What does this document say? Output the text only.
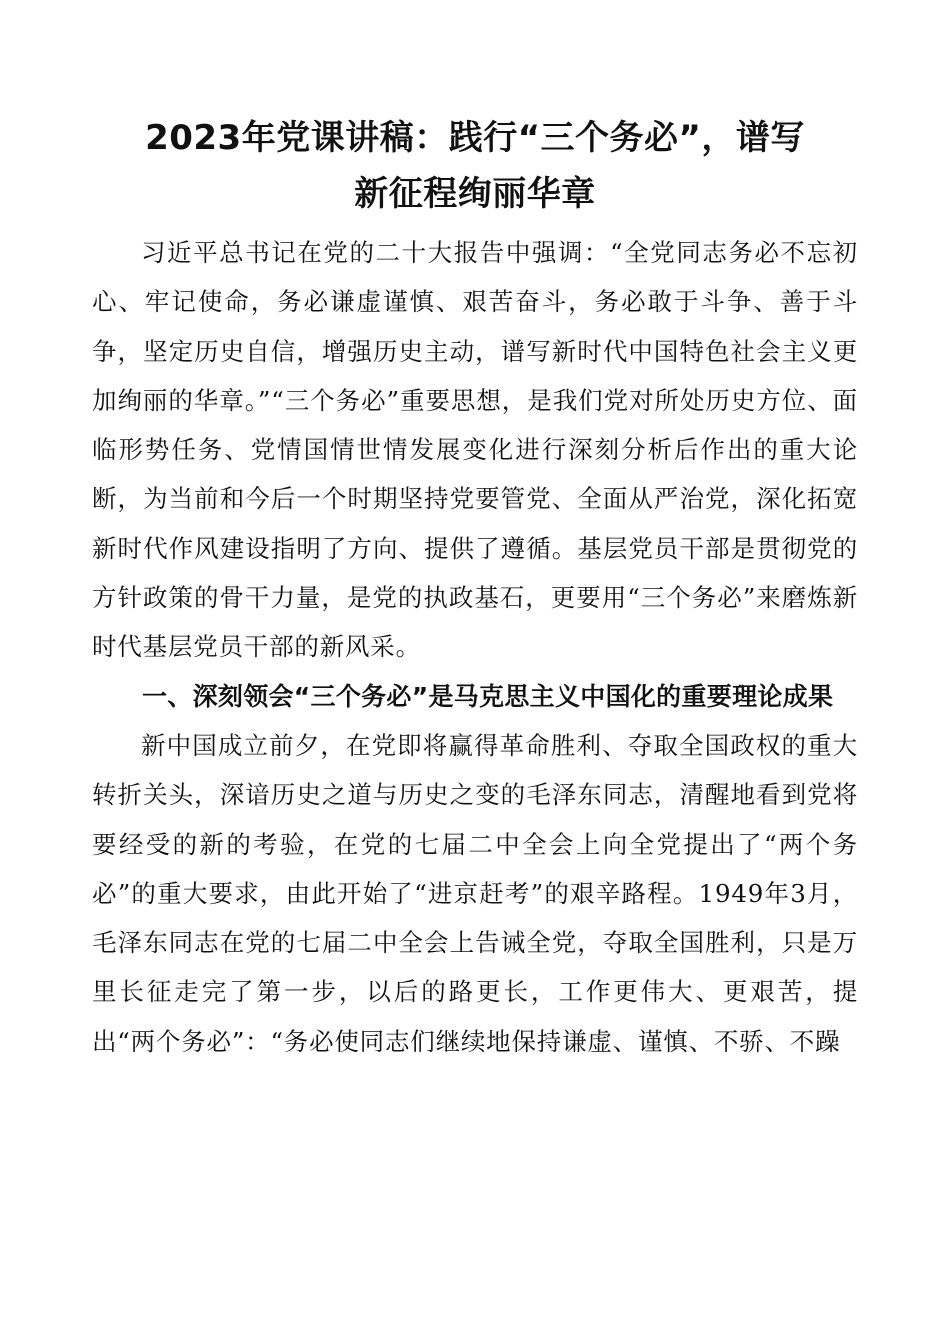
2023年党课讲稿：践行“三个务必”，谱写
新征程绚丽华章

习近平总书记在党的二十大报告中强调：“全党同志务必不忘初心、牢记使命，务必谦虚谨慎、艰苦奋斗，务必敢于斗争、善于斗争，坚定历史自信，增强历史主动，谱写新时代中国特色社会主义更加绚丽的华章。”“三个务必”重要思想，是我们党对所处历史方位、面临形势任务、党情国情世情发展变化进行深刻分析后作出的重大论断，为当前和今后一个时期坚持党要管党、全面从严治党，深化拓宽新时代作风建设指明了方向、提供了遵循。基层党员干部是贯彻党的方针政策的骨干力量，是党的执政基石，更要用“三个务必”来磨炼新时代基层党员干部的新风采。

一、深刻领会“三个务必”是马克思主义中国化的重要理论成果

新中国成立前夕，在党即将赢得革命胜利、夺取全国政权的重大转折关头，深谙历史之道与历史之变的毛泽东同志，清醒地看到党将要经受的新的考验，在党的七届二中全会上向全党提出了“两个务必”的重大要求，由此开始了“进京赶考”的艰辛路程。1949年3月，毛泽东同志在党的七届二中全会上告诫全党，夺取全国胜利，只是万里长征走完了第一步，以后的路更长，工作更伟大、更艰苦，提出“两个务必”：“务必使同志们继续地保持谦虚、谨慎、不骄、不躁
